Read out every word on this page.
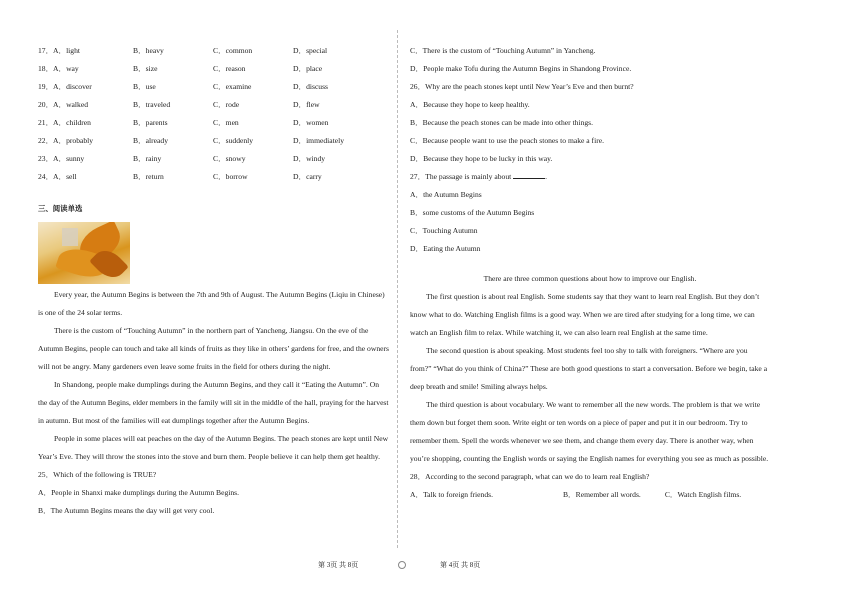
17． A．light	B．heavy	C．common	D．special
18． A．way	B．size	C．reason	D．place
19． A．discover	B．use	C．examine	D．discuss
20． A．walked	B．traveled	C．rode	D．flew
21． A．children	B．parents	C．men	D．women
22． A．probably	B．already	C．suddenly	D．immediately
23． A．sunny	B．rainy	C．snowy	D．windy
24． A．sell	B．return	C．borrow	D．carry
三、阅读单选

Every year, the Autumn Begins is between the 7th and 9th of August. The Autumn Begins (Liqiu in Chinese) is one of the 24 solar terms.

There is the custom of “Touching Autumn” in the northern part of Yancheng, Jiangsu. On the eve of the Autumn Begins, people can touch and take all kinds of fruits as they like in others’ gardens for free, and the owners will not be angry. Many gardeners even leave some fruits in the field for others during the night.

In Shandong, people make dumplings during the Autumn Begins, and they call it “Eating the Autumn”. On the day of the Autumn Begins, elder members in the family will sit in the middle of the hall, praying for the harvest in autumn. But most of the families will eat dumplings together after the Autumn Begins.

People in some places will eat peaches on the day of the Autumn Begins. The peach stones are kept until New Year’s Eve. They will throw the stones into the stove and burn them. People believe it can help them get healthy.

25．Which of the following is TRUE?

A．People in Shanxi make dumplings during the Autumn Begins.

B．The Autumn Begins means the day will get very cool.

C．There is the custom of “Touching Autumn” in Yancheng.

D．People make Tofu during the Autumn Begins in Shandong Province.

26．Why are the peach stones kept until New Year’s Eve and then burnt?

A．Because they hope to keep healthy.

B．Because the peach stones can be made into other things.

C．Because people want to use the peach stones to make a fire.

D．Because they hope to be lucky in this way.

27．The passage is mainly about	.

A．the Autumn Begins

B．some customs of the Autumn Begins

C．Touching Autumn

D．Eating the Autumn

There are three common questions about how to improve our English.

The first question is about real English. Some students say that they want to learn real English. But they don’t know what to do. Watching English films is a good way. When we are tired after studying for a long time, we can watch an English film to relax. While watching it, we can also learn real English at the same time.

The second question is about speaking. Most students feel too shy to talk with foreigners. “Where are you from?” “What do you think of China?” These are both good questions to start a conversation. Before we begin, take a deep breath and smile! Smiling always helps.

The third question is about vocabulary. We want to remember all the new words. The problem is that we write them down but forget them soon. Write eight or ten words on a piece of paper and put it in our bedroom. Try to remember them. Spell the words whenever we see them, and change them every day. There is another way, when you’re shopping, counting the English words or saying the English names for everything you see as much as possible.

28．According to the second paragraph, what can we do to learn real English?

A．Talk to foreign friends.	B．Remember all words.	C．Watch English films.
第 3页 共 8页	第 4页 共 8页
